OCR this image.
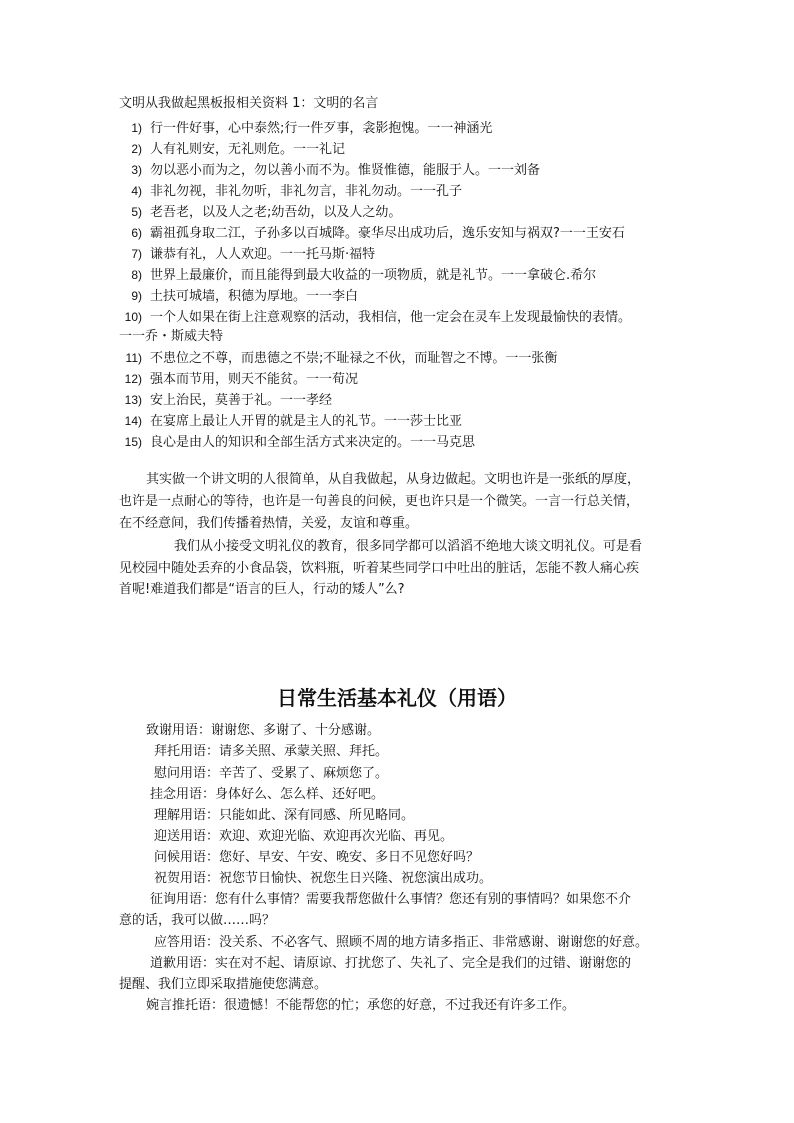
文明从我做起黑板报相关资料 1：文明的名言
1) 行一件好事，心中泰然;行一件歹事，衾影抱愧。一一神涵光
2) 人有礼则安，无礼则危。一一礼记
3) 勿以恶小而为之，勿以善小而不为。惟贤惟德，能服于人。一一刘备
4) 非礼勿视，非礼勿听，非礼勿言，非礼勿动。一一孔子
5) 老吾老，以及人之老;幼吾幼，以及人之幼。
6) 霸祖孤身取二江，子孙多以百城降。豪华尽出成功后，逸乐安知与祸双?一一王安石
7) 谦恭有礼，人人欢迎。一一托马斯·福特
8) 世界上最廉价，而且能得到最大收益的一项物质，就是礼节。一一拿破仑.希尔
9) 土扶可城墙，积德为厚地。一一李白
10) 一个人如果在街上注意观察的活动，我相信，他一定会在灵车上发现最愉快的表情。
一一乔・斯威夫特
11) 不患位之不尊，而患德之不崇;不耻禄之不伙，而耻智之不博。一一张衡
12) 强本而节用，则天不能贫。一一荀况
13) 安上治民，莫善于礼。一一孝经
14) 在宴席上最让人开胃的就是主人的礼节。一一莎士比亚
15) 良心是由人的知识和全部生活方式来决定的。一一马克思
其实做一个讲文明的人很简单，从自我做起，从身边做起。文明也许是一张纸的厚度，
也许是一点耐心的等待，也许是一句善良的问候，更也许只是一个微笑。一言一行总关情，
在不经意间，我们传播着热情，关爱，友谊和尊重。
我们从小接受文明礼仪的教育，很多同学都可以滔滔不绝地大谈文明礼仪。可是看
见校园中随处丢弃的小食品袋，饮料瓶，听着某些同学口中吐出的脏话，怎能不教人痛心疾
首呢!难道我们都是“语言的巨人，行动的矮人”么?
日常生活基本礼仪（用语）
致谢用语：谢谢您、多谢了、十分感谢。
拜托用语：请多关照、承蒙关照、拜托。
慰问用语：辛苦了、受累了、麻烦您了。
挂念用语：身体好么、怎么样、还好吧。
理解用语：只能如此、深有同感、所见略同。
迎送用语：欢迎、欢迎光临、欢迎再次光临、再见。
问候用语：您好、早安、午安、晚安、多日不见您好吗？
祝贺用语：祝您节日愉快、祝您生日兴隆、祝您演出成功。
征询用语：您有什么事情？需要我帮您做什么事情？您还有别的事情吗？如果您不介
意的话，我可以做……吗？
应答用语：没关系、不必客气、照顾不周的地方请多指正、非常感谢、谢谢您的好意。
道歉用语：实在对不起、请原谅、打扰您了、失礼了、完全是我们的过错、谢谢您的
提醒、我们立即采取措施使您满意。
婉言推托语：很遗憾！不能帮您的忙；承您的好意，不过我还有许多工作。
